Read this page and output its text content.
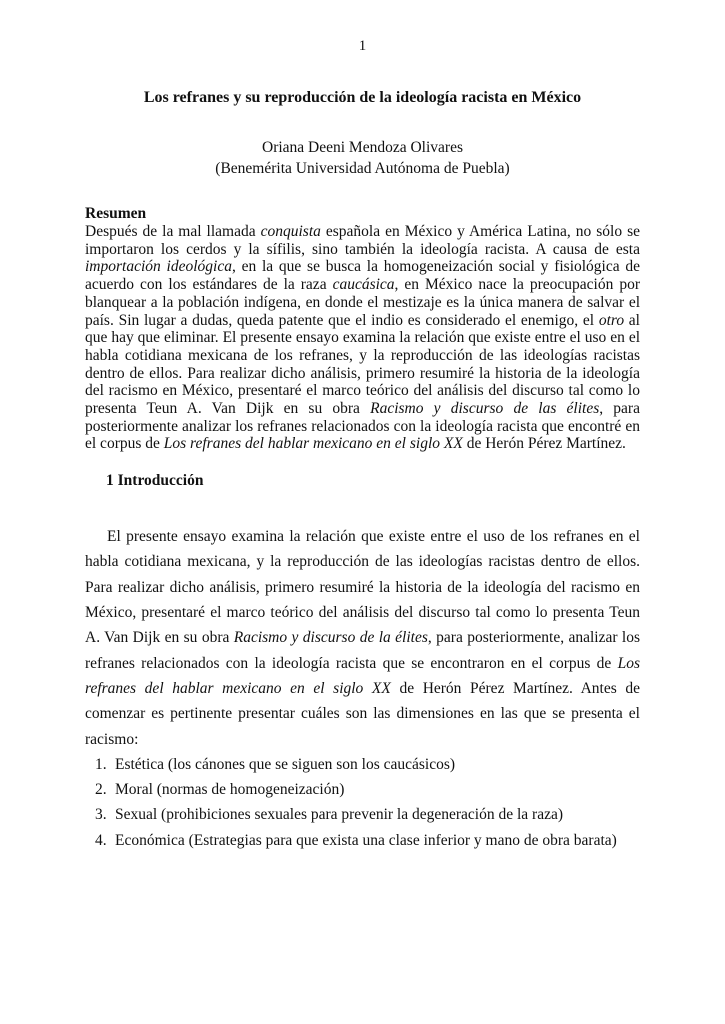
1
Los refranes y su reproducción de la ideología racista en México
Oriana Deeni Mendoza Olivares
(Benemérita Universidad Autónoma de Puebla)
Resumen

Después de la mal llamada conquista española en México y América Latina, no sólo se importaron los cerdos y la sífilis, sino también la ideología racista. A causa de esta importación ideológica, en la que se busca la homogeneización social y fisiológica de acuerdo con los estándares de la raza caucásica, en México nace la preocupación por blanquear a la población indígena, en donde el mestizaje es la única manera de salvar el país. Sin lugar a dudas, queda patente que el indio es considerado el enemigo, el otro al que hay que eliminar. El presente ensayo examina la relación que existe entre el uso en el habla cotidiana mexicana de los refranes, y la reproducción de las ideologías racistas dentro de ellos. Para realizar dicho análisis, primero resumiré la historia de la ideología del racismo en México, presentaré el marco teórico del análisis del discurso tal como lo presenta Teun A. Van Dijk en su obra Racismo y discurso de las élites, para posteriormente analizar los refranes relacionados con la ideología racista que encontré en el corpus de Los refranes del hablar mexicano en el siglo XX de Herón Pérez Martínez.

1 Introducción

El presente ensayo examina la relación que existe entre el uso de los refranes en el habla cotidiana mexicana, y la reproducción de las ideologías racistas dentro de ellos. Para realizar dicho análisis, primero resumiré la historia de la ideología del racismo en México, presentaré el marco teórico del análisis del discurso tal como lo presenta Teun A. Van Dijk en su obra Racismo y discurso de la élites, para posteriormente, analizar los refranes relacionados con la ideología racista que se encontraron en el corpus de Los refranes del hablar mexicano en el siglo XX de Herón Pérez Martínez. Antes de comenzar es pertinente presentar cuáles son las dimensiones en las que se presenta el racismo:

Estética (los cánones que se siguen son los caucásicos)
Moral (normas de homogeneización)
Sexual (prohibiciones sexuales para prevenir la degeneración de la raza)
Económica (Estrategias para que exista una clase inferior y mano de obra barata)
